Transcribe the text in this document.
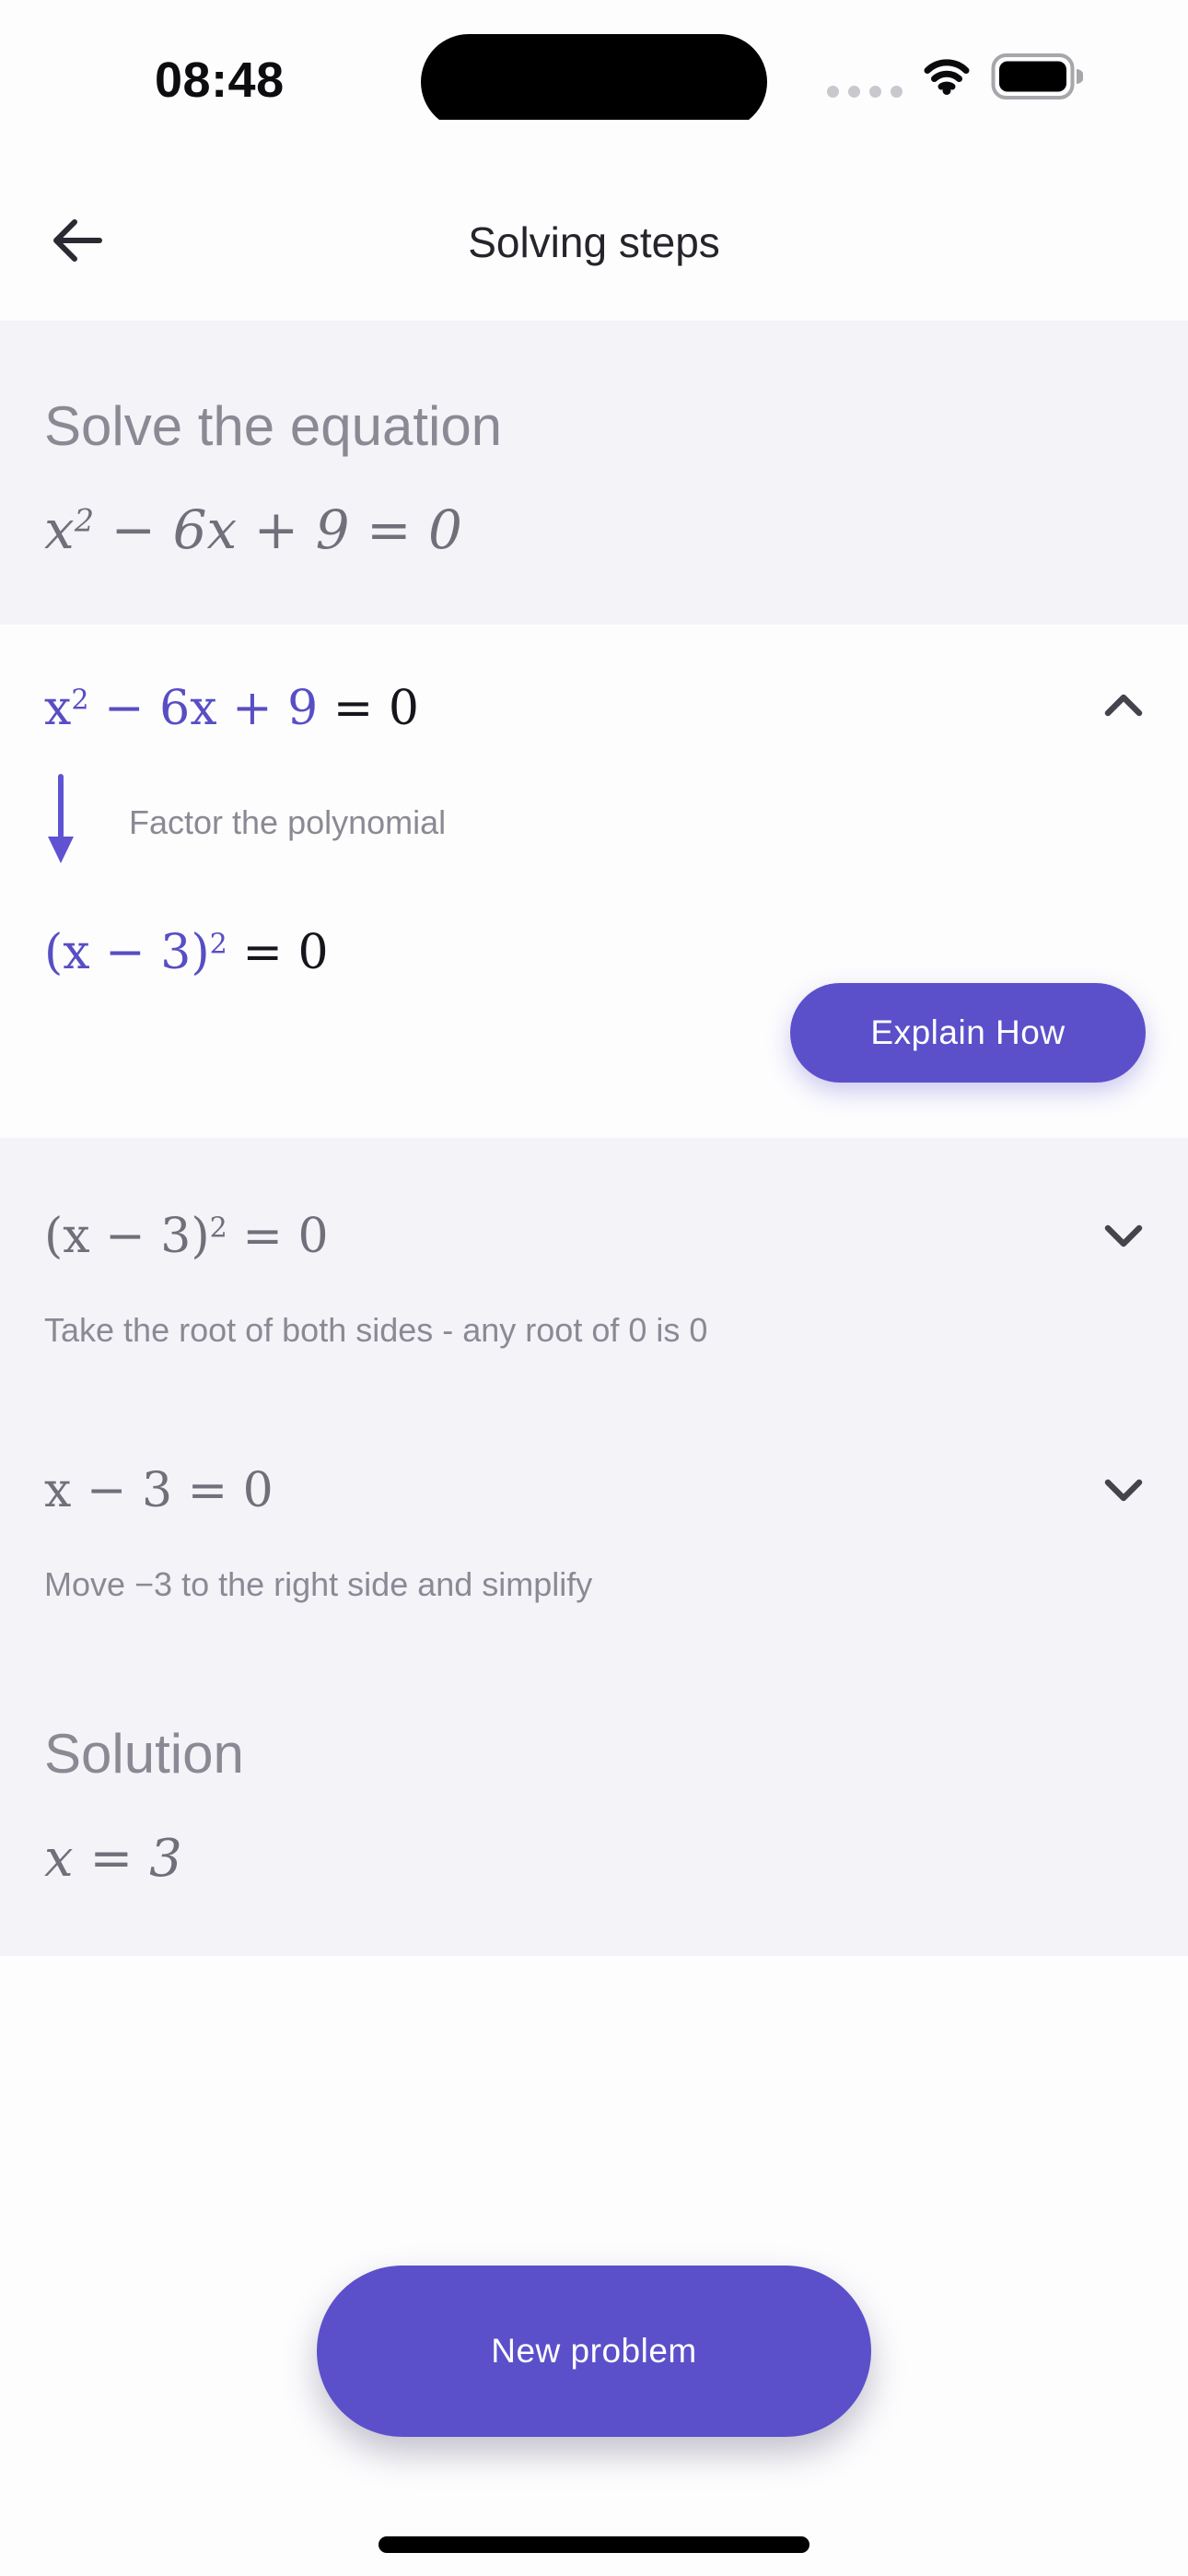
08:48
Solving steps
Solve the equation
$x^2 - 6x + 9 = 0$
$x^2 - 6x + 9 = 0$
Factor the polynomial
$(x - 3)^2 = 0$
Explain How
$(x - 3)^2 = 0$
Take the root of both sides - any root of 0 is 0
x − 3 = 0
Move −3 to the right side and simplify
Solution
x = 3
New problem
